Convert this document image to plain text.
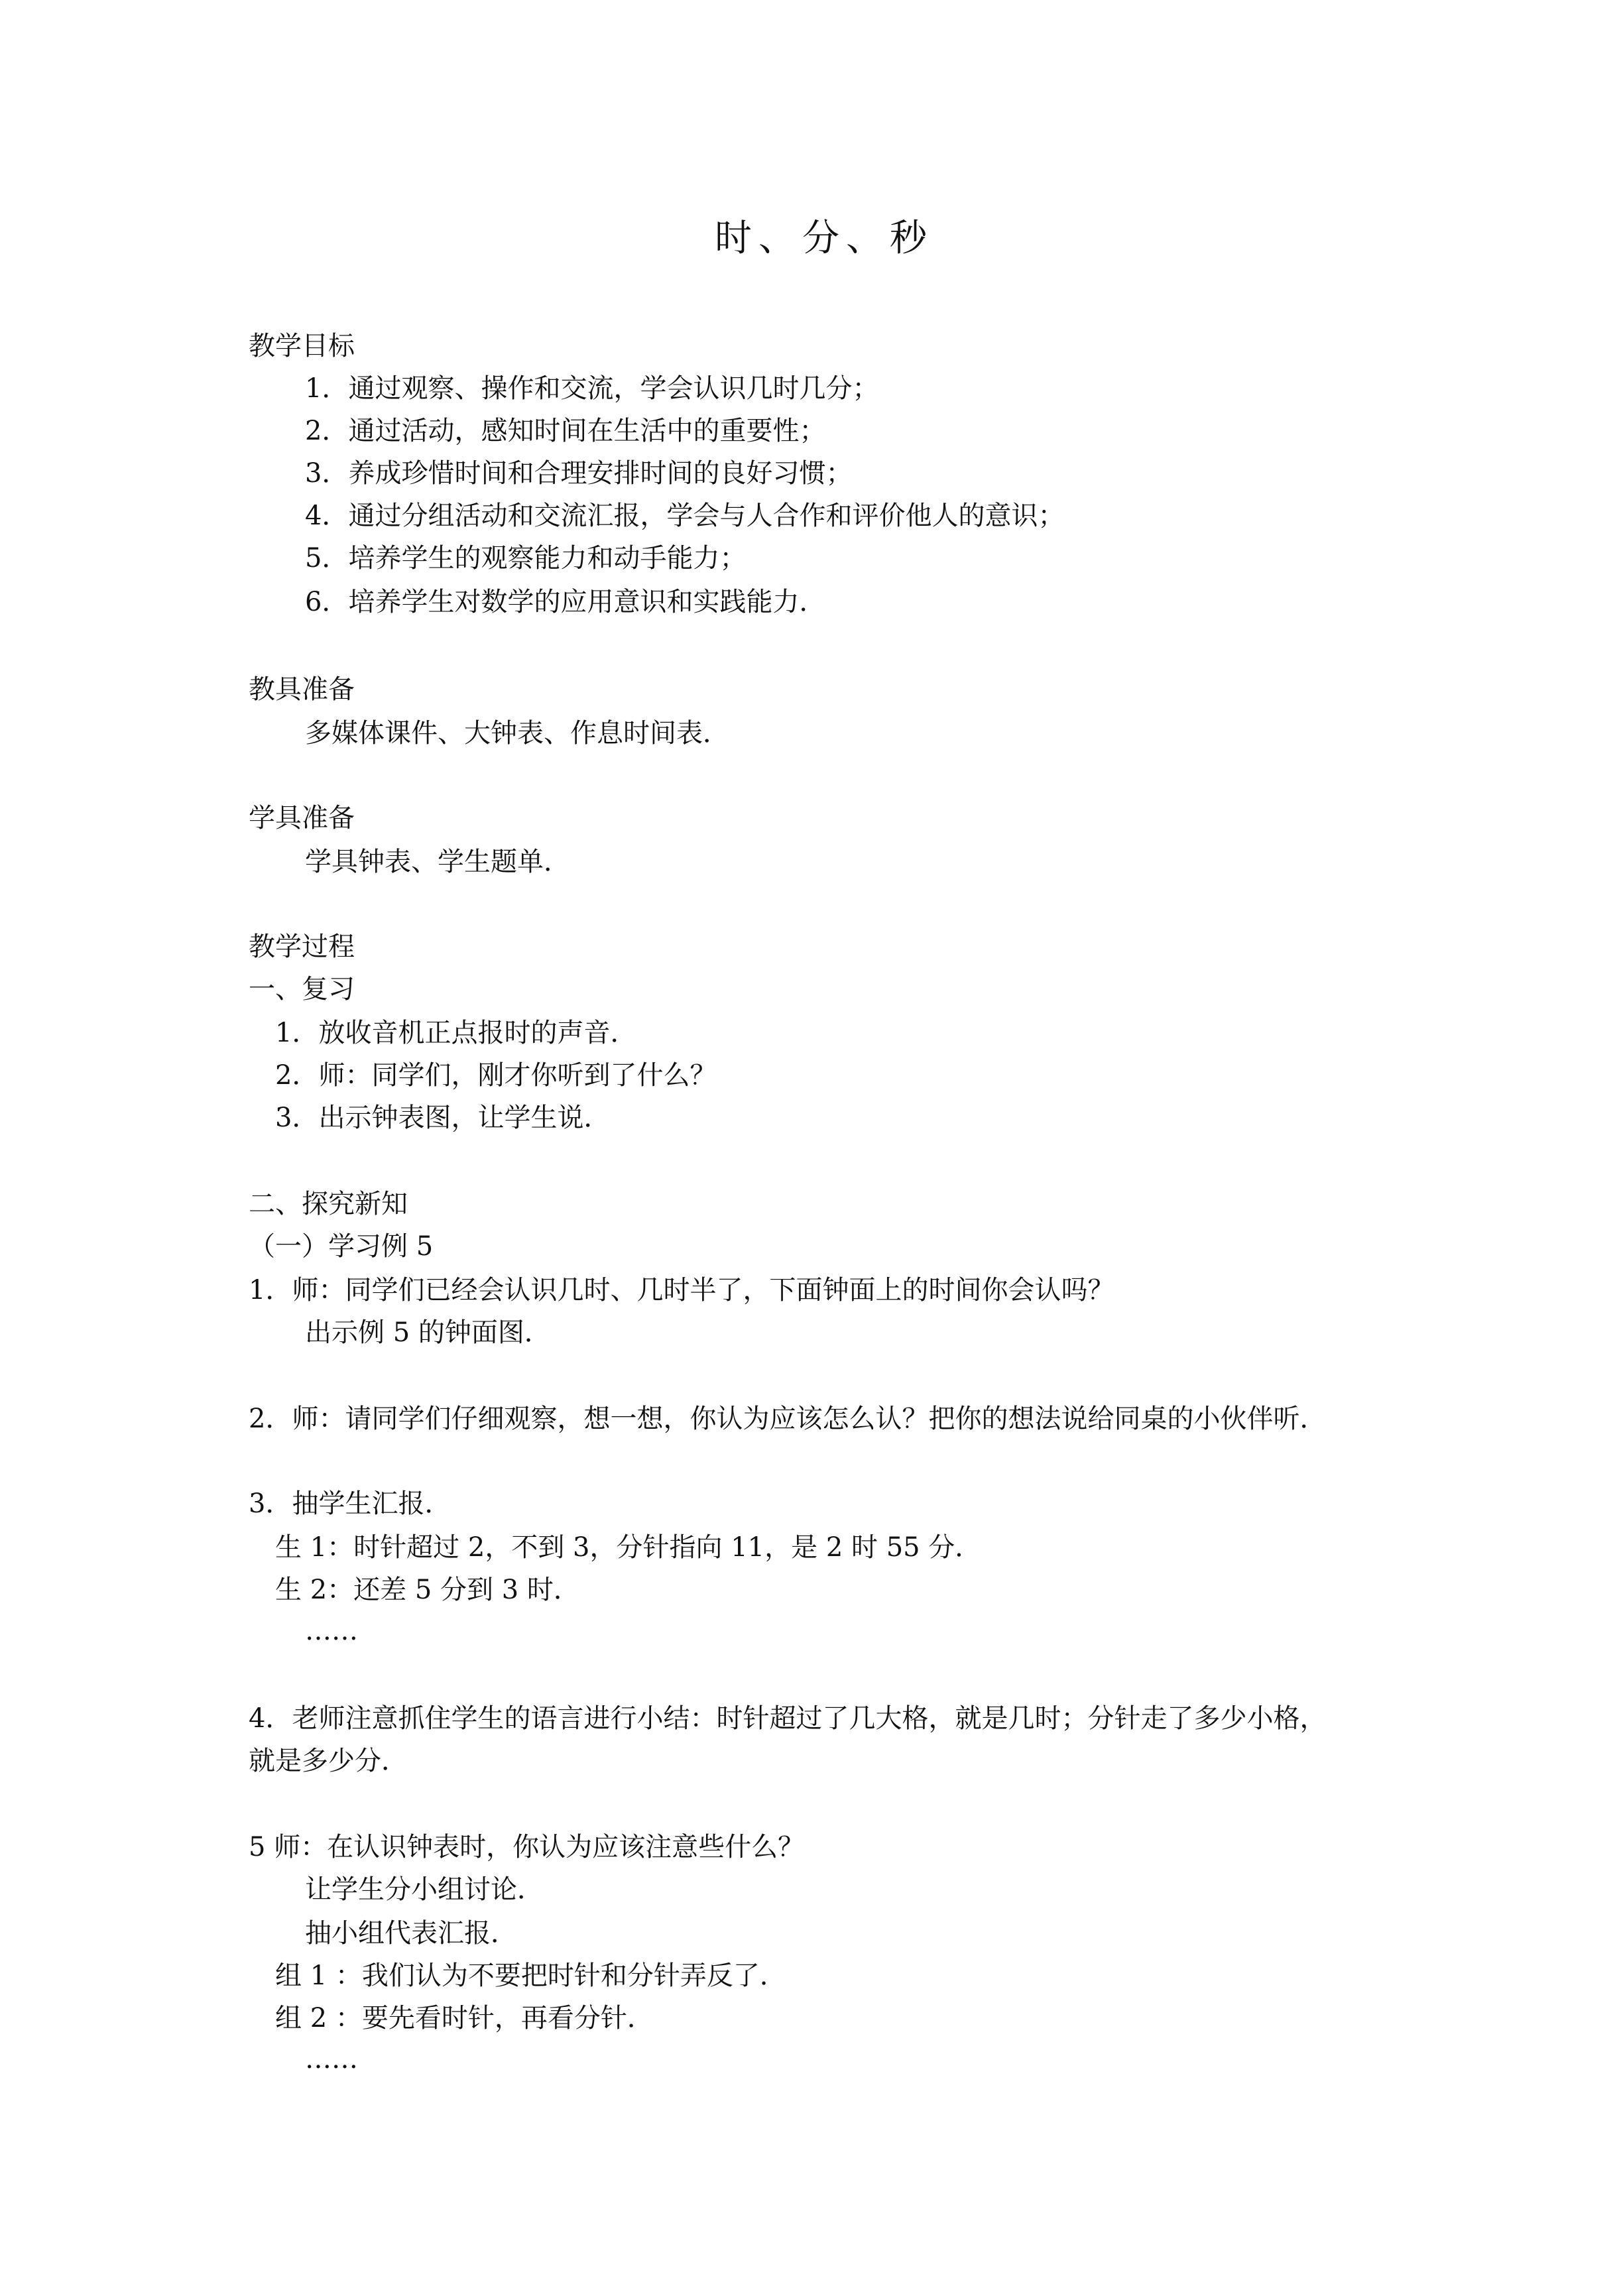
时、分、秒
教学目标
1．通过观察、操作和交流，学会认识几时几分；
2．通过活动，感知时间在生活中的重要性；
3．养成珍惜时间和合理安排时间的良好习惯；
4．通过分组活动和交流汇报，学会与人合作和评价他人的意识；
5．培养学生的观察能力和动手能力；
6．培养学生对数学的应用意识和实践能力．
教具准备
多媒体课件、大钟表、作息时间表．
学具准备
学具钟表、学生题单．
教学过程
一、复习
1．放收音机正点报时的声音．
2．师：同学们，刚才你听到了什么？
3．出示钟表图，让学生说．
二、探究新知
（一）学习例 5
1．师：同学们已经会认识几时、几时半了，下面钟面上的时间你会认吗？
出示例 5 的钟面图．
2．师：请同学们仔细观察，想一想，你认为应该怎么认？把你的想法说给同桌的小伙伴听．
3．抽学生汇报．
生 1：时针超过 2，不到 3，分针指向 11，是 2 时 55 分．
生 2：还差 5 分到 3 时．
……
4．老师注意抓住学生的语言进行小结：时针超过了几大格，就是几时；分针走了多少小格，
就是多少分．
5 师：在认识钟表时，你认为应该注意些什么？
让学生分小组讨论．
抽小组代表汇报．
组 1 ：我们认为不要把时针和分针弄反了．
组 2 ：要先看时针，再看分针．
……
